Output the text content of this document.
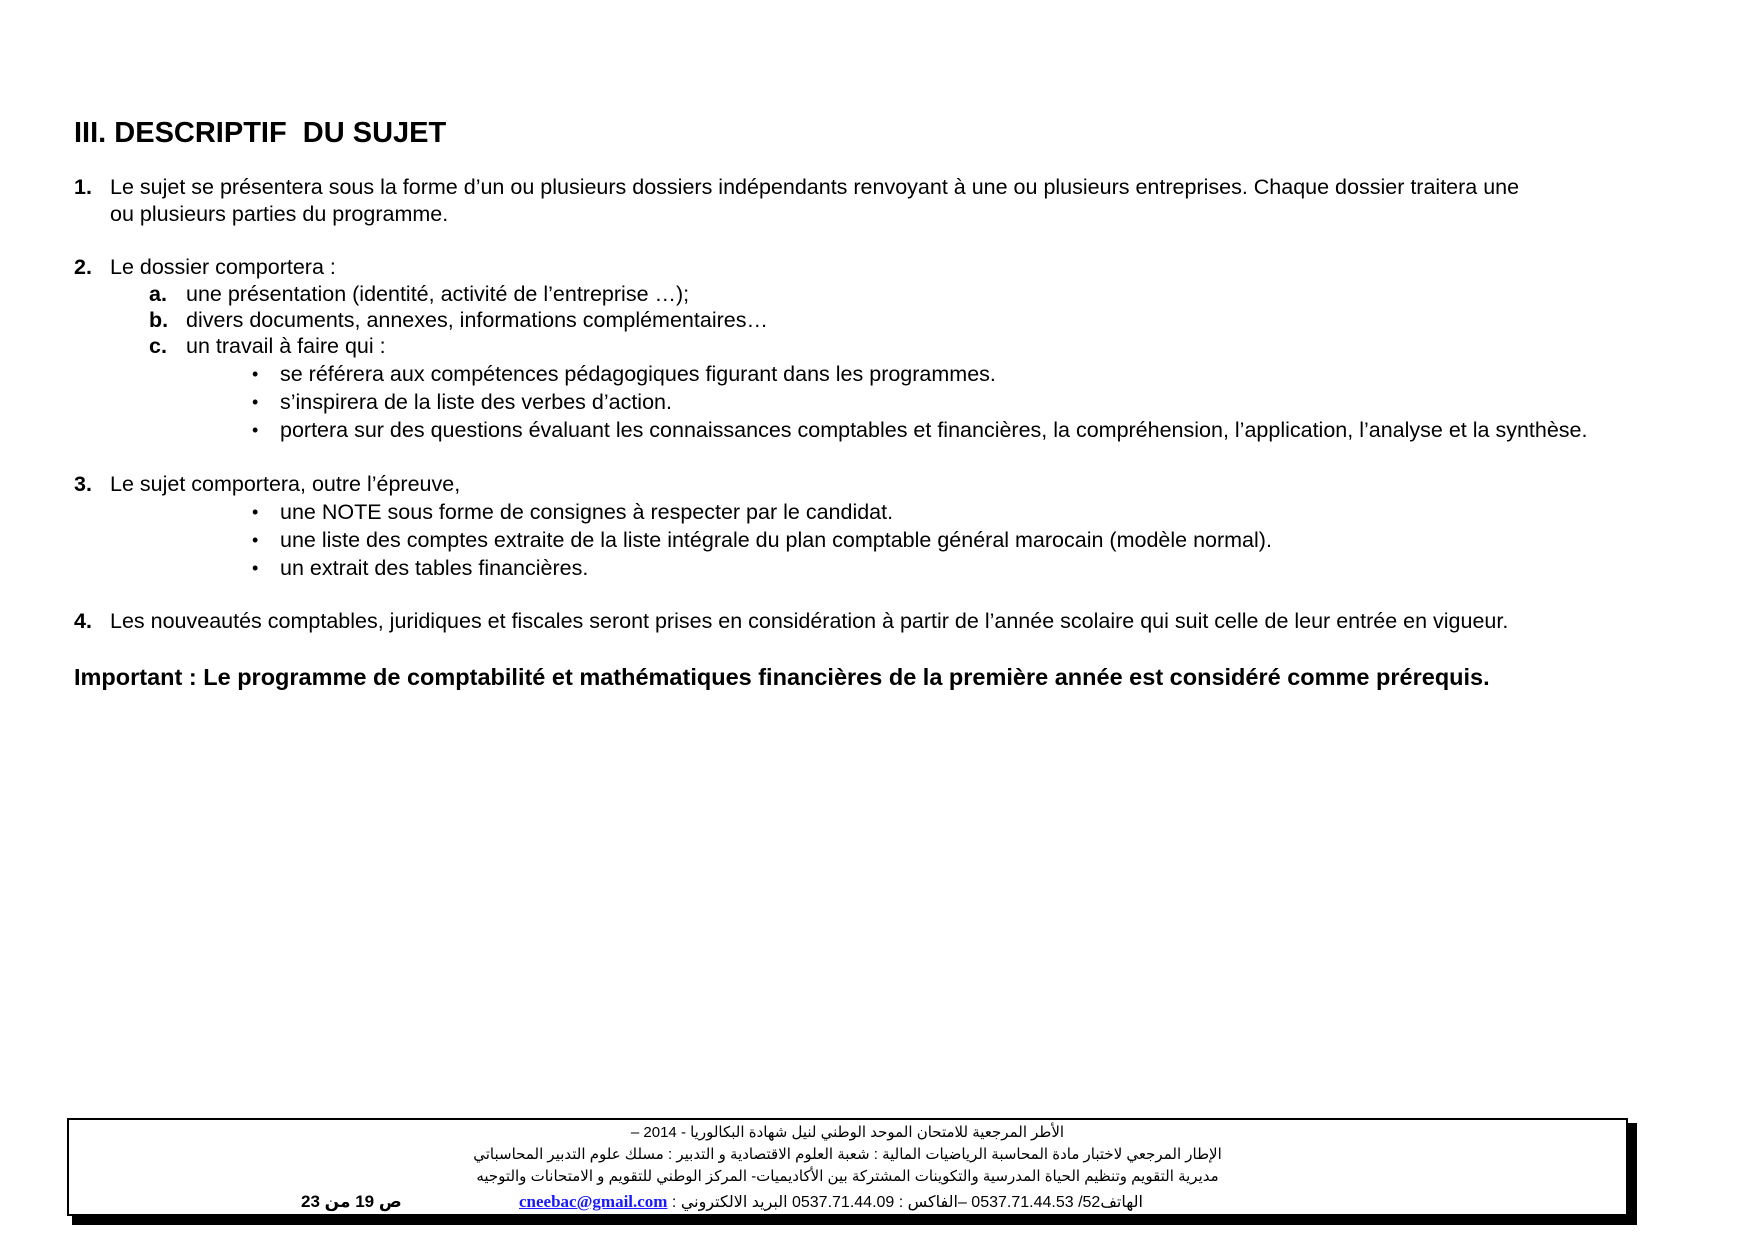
III. DESCRIPTIF  DU SUJET
1. Le sujet se présentera sous la forme d’un ou plusieurs dossiers indépendants renvoyant à une ou plusieurs entreprises. Chaque dossier traitera une
ou plusieurs parties du programme.
2. Le dossier comportera :
a. une présentation (identité, activité de l’entreprise …);
b. divers documents, annexes, informations complémentaires…
c. un travail à faire qui :
• se référera aux compétences pédagogiques figurant dans les programmes.
• s’inspirera de la liste des verbes d’action.
• portera sur des questions évaluant les connaissances comptables et financières, la compréhension, l’application, l’analyse et la synthèse.
3. Le sujet comportera, outre l’épreuve,
• une NOTE sous forme de consignes à respecter par le candidat.
• une liste des comptes extraite de la liste intégrale du plan comptable général marocain (modèle normal).
• un extrait des tables financières.
4. Les nouveautés comptables, juridiques et fiscales seront prises en considération à partir de l’année scolaire qui suit celle de leur entrée en vigueur.
Important : Le programme de comptabilité et mathématiques financières de la première année est considéré comme prérequis.
الأطر المرجعية للامتحان الموحد الوطني لنيل شهادة البكالوريا - 2014 –
الإطار المرجعي لاختبار مادة المحاسبة الرياضيات المالية : شعبة العلوم الاقتصادية و التدبير : مسلك علوم التدبير المحاسباتي
مديرية التقويم وتنظيم الحياة المدرسية والتكوينات المشتركة بين الأكاديميات- المركز الوطني للتقويم و الامتحانات والتوجيه
ص 19 من 23	الهاتف52/ 0537.71.44.53 –الفاكس : 0537.71.44.09 البريد الالكتروني : cneebac@gmail.com
